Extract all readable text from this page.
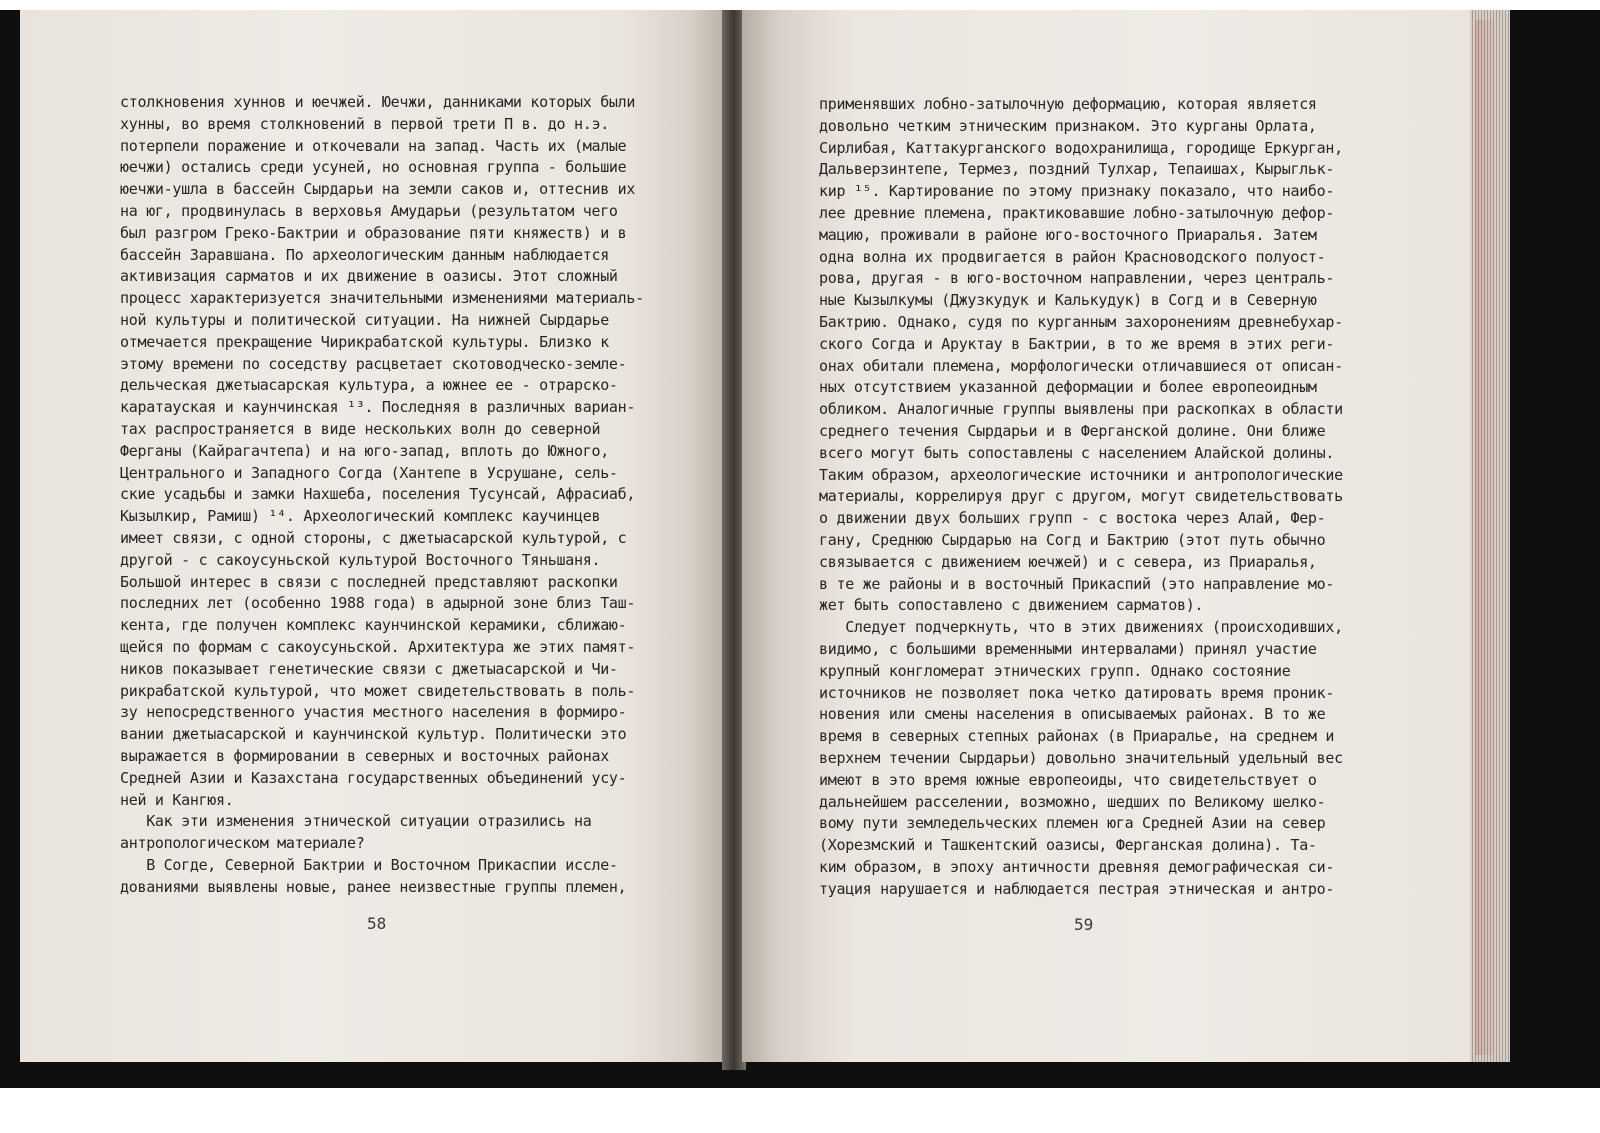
столкновения хуннов и юечжей. Юечжи, данниками которых были
хунны, во время столкновений в первой трети П в. до н.э.
потерпели поражение и откочевали на запад. Часть их (малые
юечжи) остались среди усуней, но основная группа - большие
юечжи-ушла в бассейн Сырдарьи на земли саков и, оттеснив их
на юг, продвинулась в верховья Амударьи (результатом чего
был разгром Греко-Бактрии и образование пяти княжеств) и в
бассейн Заравшана. По археологическим данным наблюдается
активизация сарматов и их движение в оазисы. Этот сложный
процесс характеризуется значительными изменениями материаль-
ной культуры и политической ситуации. На нижней Сырдарье
отмечается прекращение Чирикрабатской культуры. Близко к
этому времени по соседству расцветает скотоводческо-земле-
дельческая джетыасарская культура, а южнее ее - отрарско-
каратауская и каунчинская ¹³. Последняя в различных вариан-
тах распространяется в виде нескольких волн до северной
Ферганы (Кайрагачтепа) и на юго-запад, вплоть до Южного,
Центрального и Западного Согда (Хантепе в Усрушане, сель-
ские усадьбы и замки Нахшеба, поселения Тусунсай, Афрасиаб,
Кызылкир, Рамиш) ¹⁴. Археологический комплекс каучинцев
имеет связи, с одной стороны, с джетыасарской культурой, с
другой - с сакоусуньской культурой Восточного Тяньшаня.
Большой интерес в связи с последней представляют раскопки
последних лет (особенно 1988 года) в адырной зоне близ Таш-
кента, где получен комплекс каунчинской керамики, сближаю-
щейся по формам с сакоусуньской. Архитектура же этих памят-
ников показывает генетические связи с джетыасарской и Чи-
рикрабатской культурой, что может свидетельствовать в поль-
зу непосредственного участия местного населения в формиро-
вании джетыасарской и каунчинской культур. Политически это
выражается в формировании в северных и восточных районах
Средней Азии и Казахстана государственных объединений усу-
ней и Кангюя.
Как эти изменения этнической ситуации отразились на
антропологическом материале?
В Согде, Северной Бактрии и Восточном Прикаспии иссле-
дованиями выявлены новые, ранее неизвестные группы племен,
58
применявших лобно-затылочную деформацию, которая является
довольно четким этническим признаком. Это курганы Орлата,
Сирлибая, Каттакурганского водохранилища, городище Еркурган,
Дальверзинтепе, Термез, поздний Тулхар, Тепаишах, Кырыгльк-
кир ¹⁵. Картирование по этому признаку показало, что наибо-
лее древние племена, практиковавшие лобно-затылочную дефор-
мацию, проживали в районе юго-восточного Приаралья. Затем
одна волна их продвигается в район Красноводского полуост-
рова, другая - в юго-восточном направлении, через централь-
ные Кызылкумы (Джузкудук и Калькудук) в Согд и в Северную
Бактрию. Однако, судя по курганным захоронениям древнебухар-
ского Согда и Аруктау в Бактрии, в то же время в этих реги-
онах обитали племена, морфологически отличавшиеся от описан-
ных отсутствием указанной деформации и более европеоидным
обликом. Аналогичные группы выявлены при раскопках в области
среднего течения Сырдарьи и в Ферганской долине. Они ближе
всего могут быть сопоставлены с населением Алайской долины.
Таким образом, археологические источники и антропологические
материалы, коррелируя друг с другом, могут свидетельствовать
о движении двух больших групп - с востока через Алай, Фер-
гану, Среднюю Сырдарью на Согд и Бактрию (этот путь обычно
связывается с движением юечжей) и с севера, из Приаралья,
в те же районы и в восточный Прикаспий (это направление мо-
жет быть сопоставлено с движением сарматов).
Следует подчеркнуть, что в этих движениях (происходивших,
видимо, с большими временными интервалами) принял участие
крупный конгломерат этнических групп. Однако состояние
источников не позволяет пока четко датировать время проник-
новения или смены населения в описываемых районах. В то же
время в северных степных районах (в Приаралье, на среднем и
верхнем течении Сырдарьи) довольно значительный удельный вес
имеют в это время южные европеоиды, что свидетельствует о
дальнейшем расселении, возможно, шедших по Великому шелко-
вому пути земледельческих племен юга Средней Азии на север
(Хорезмский и Ташкентский оазисы, Ферганская долина). Та-
ким образом, в эпоху античности древняя демографическая си-
туация нарушается и наблюдается пестрая этническая и антро-
59
